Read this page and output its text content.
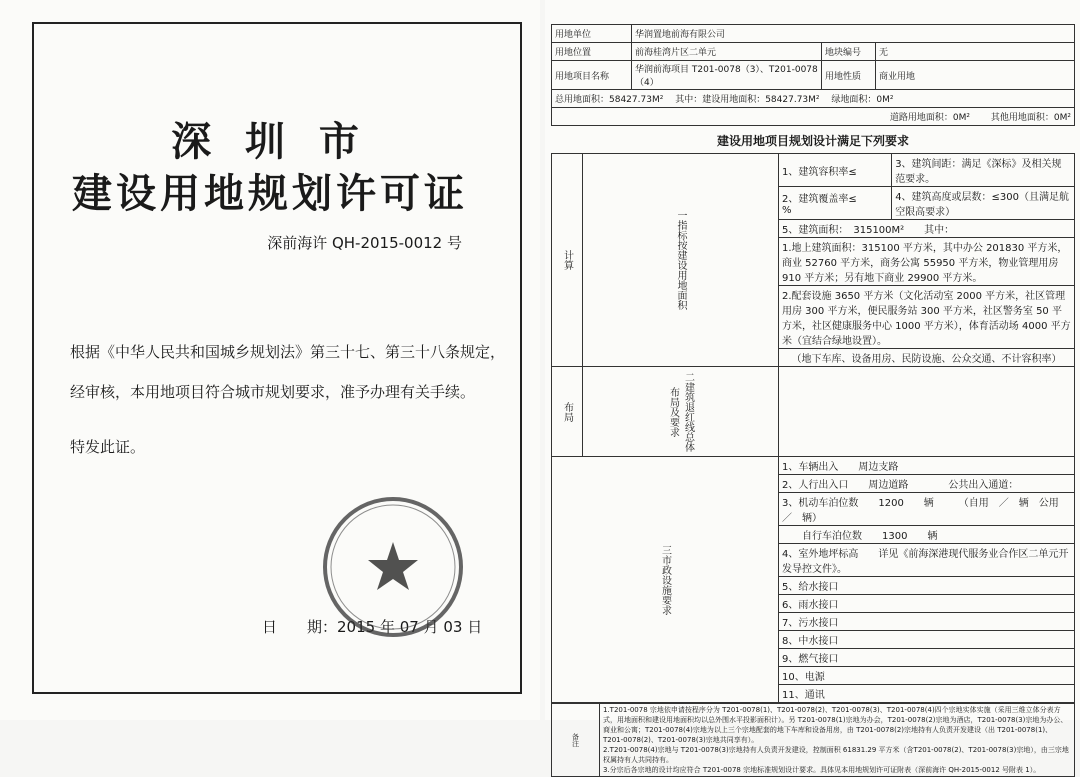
深 圳 市
建设用地规划许可证
深前海许 QH-2015-0012 号
根据《中华人民共和国城乡规划法》第三十七、第三十八条规定，经审核，本用地项目符合城市规划要求，准予办理有关手续。
特发此证。
日　　期：2015 年 07 月 03 日
用地单位	华润置地前海有限公司		
用地位置	前海桂湾片区二单元	地块编号	无
用地项目名称	华润前海项目 T201-0078（3）、T201-0078（4）	用地性质	商业用地
总用地面积：58427.73M²　 其中：建设用地面积：58427.73M²　 绿地面积：0M²			
道路用地面积：0M²　　 其他用地面积：0M²			
建设用地项目规划设计满足下列要求
计算	一指标按建设用地面积	1、建筑容积率≤	3、建筑间距：满足《深标》及相关规范要求。
		2、建筑覆盖率≤　　　%	4、建筑高度或层数：≤300（且满足航空限高要求）
		5、建筑面积：　315100M²　　其中：	
		1.地上建筑面积：315100 平方米，其中办公 201830 平方米，商业 52760 平方米，商务公寓 55950 平方米，物业管理用房 910 平方米；另有地下商业 29900 平方米。	
		2.配套设施 3650 平方米（文化活动室 2000 平方米，社区管理用房 300 平方米，便民服务站 300 平方米，社区警务室 50 平方米，社区健康服务中心 1000 平方米），体育活动场 4000 平方米（宜结合绿地设置）。	
		（地下车库、设备用房、民防设施、公众交通、不计容积率）	
布局	二建筑退红线总体布局及要求		
三市政设施要求		1、车辆出入　　周边支路	
		2、人行出入口　　周边道路　　　　公共出入通道：	
		3、机动车泊位数　　1200　　辆　　　（自用　／　辆　公用　／　辆）	
		　　自行车泊位数　　1300　　辆	
		4、室外地坪标高　　详见《前海深港现代服务业合作区二单元开发导控文件》。	
		5、给水接口	
		6、雨水接口	
		7、污水接口	
		8、中水接口	
		9、燃气接口	
		10、电源	
		11、通讯	
备注	
1.T201-0078 宗地依申请按程序分为 T201-0078(1)、T201-0078(2)、T201-0078(3)、T201-0078(4)四个宗地实体实施（采用三维立体分表方式，用地面积和建设用地面积均以总外围水平投影面积计）。另 T201-0078(1)宗地为办会，T201-0078(2)宗地为酒店，T201-0078(3)宗地为办公、商业和公寓；T201-0078(4)宗地为以上三个宗地配套的地下车库和设备用房，由 T201-0078(2)宗地持有人负责开发建设（出 T201-0078(1)、T201-0078(2)、T201-0078(3)宗地共同享有）。
2.T201-0078(4)宗地与 T201-0078(3)宗地持有人负责开发建设，控制面积 61831.29 平方米（含T201-0078(2)、T201-0078(3)宗地），由三宗地权属持有人共同持有。
3.分宗后各宗地的设计均应符合 T201-0078 宗地标准规划设计要求。具体见本用地规划许可证附表（深前海许 QH-2015-0012 号附表 1）。
